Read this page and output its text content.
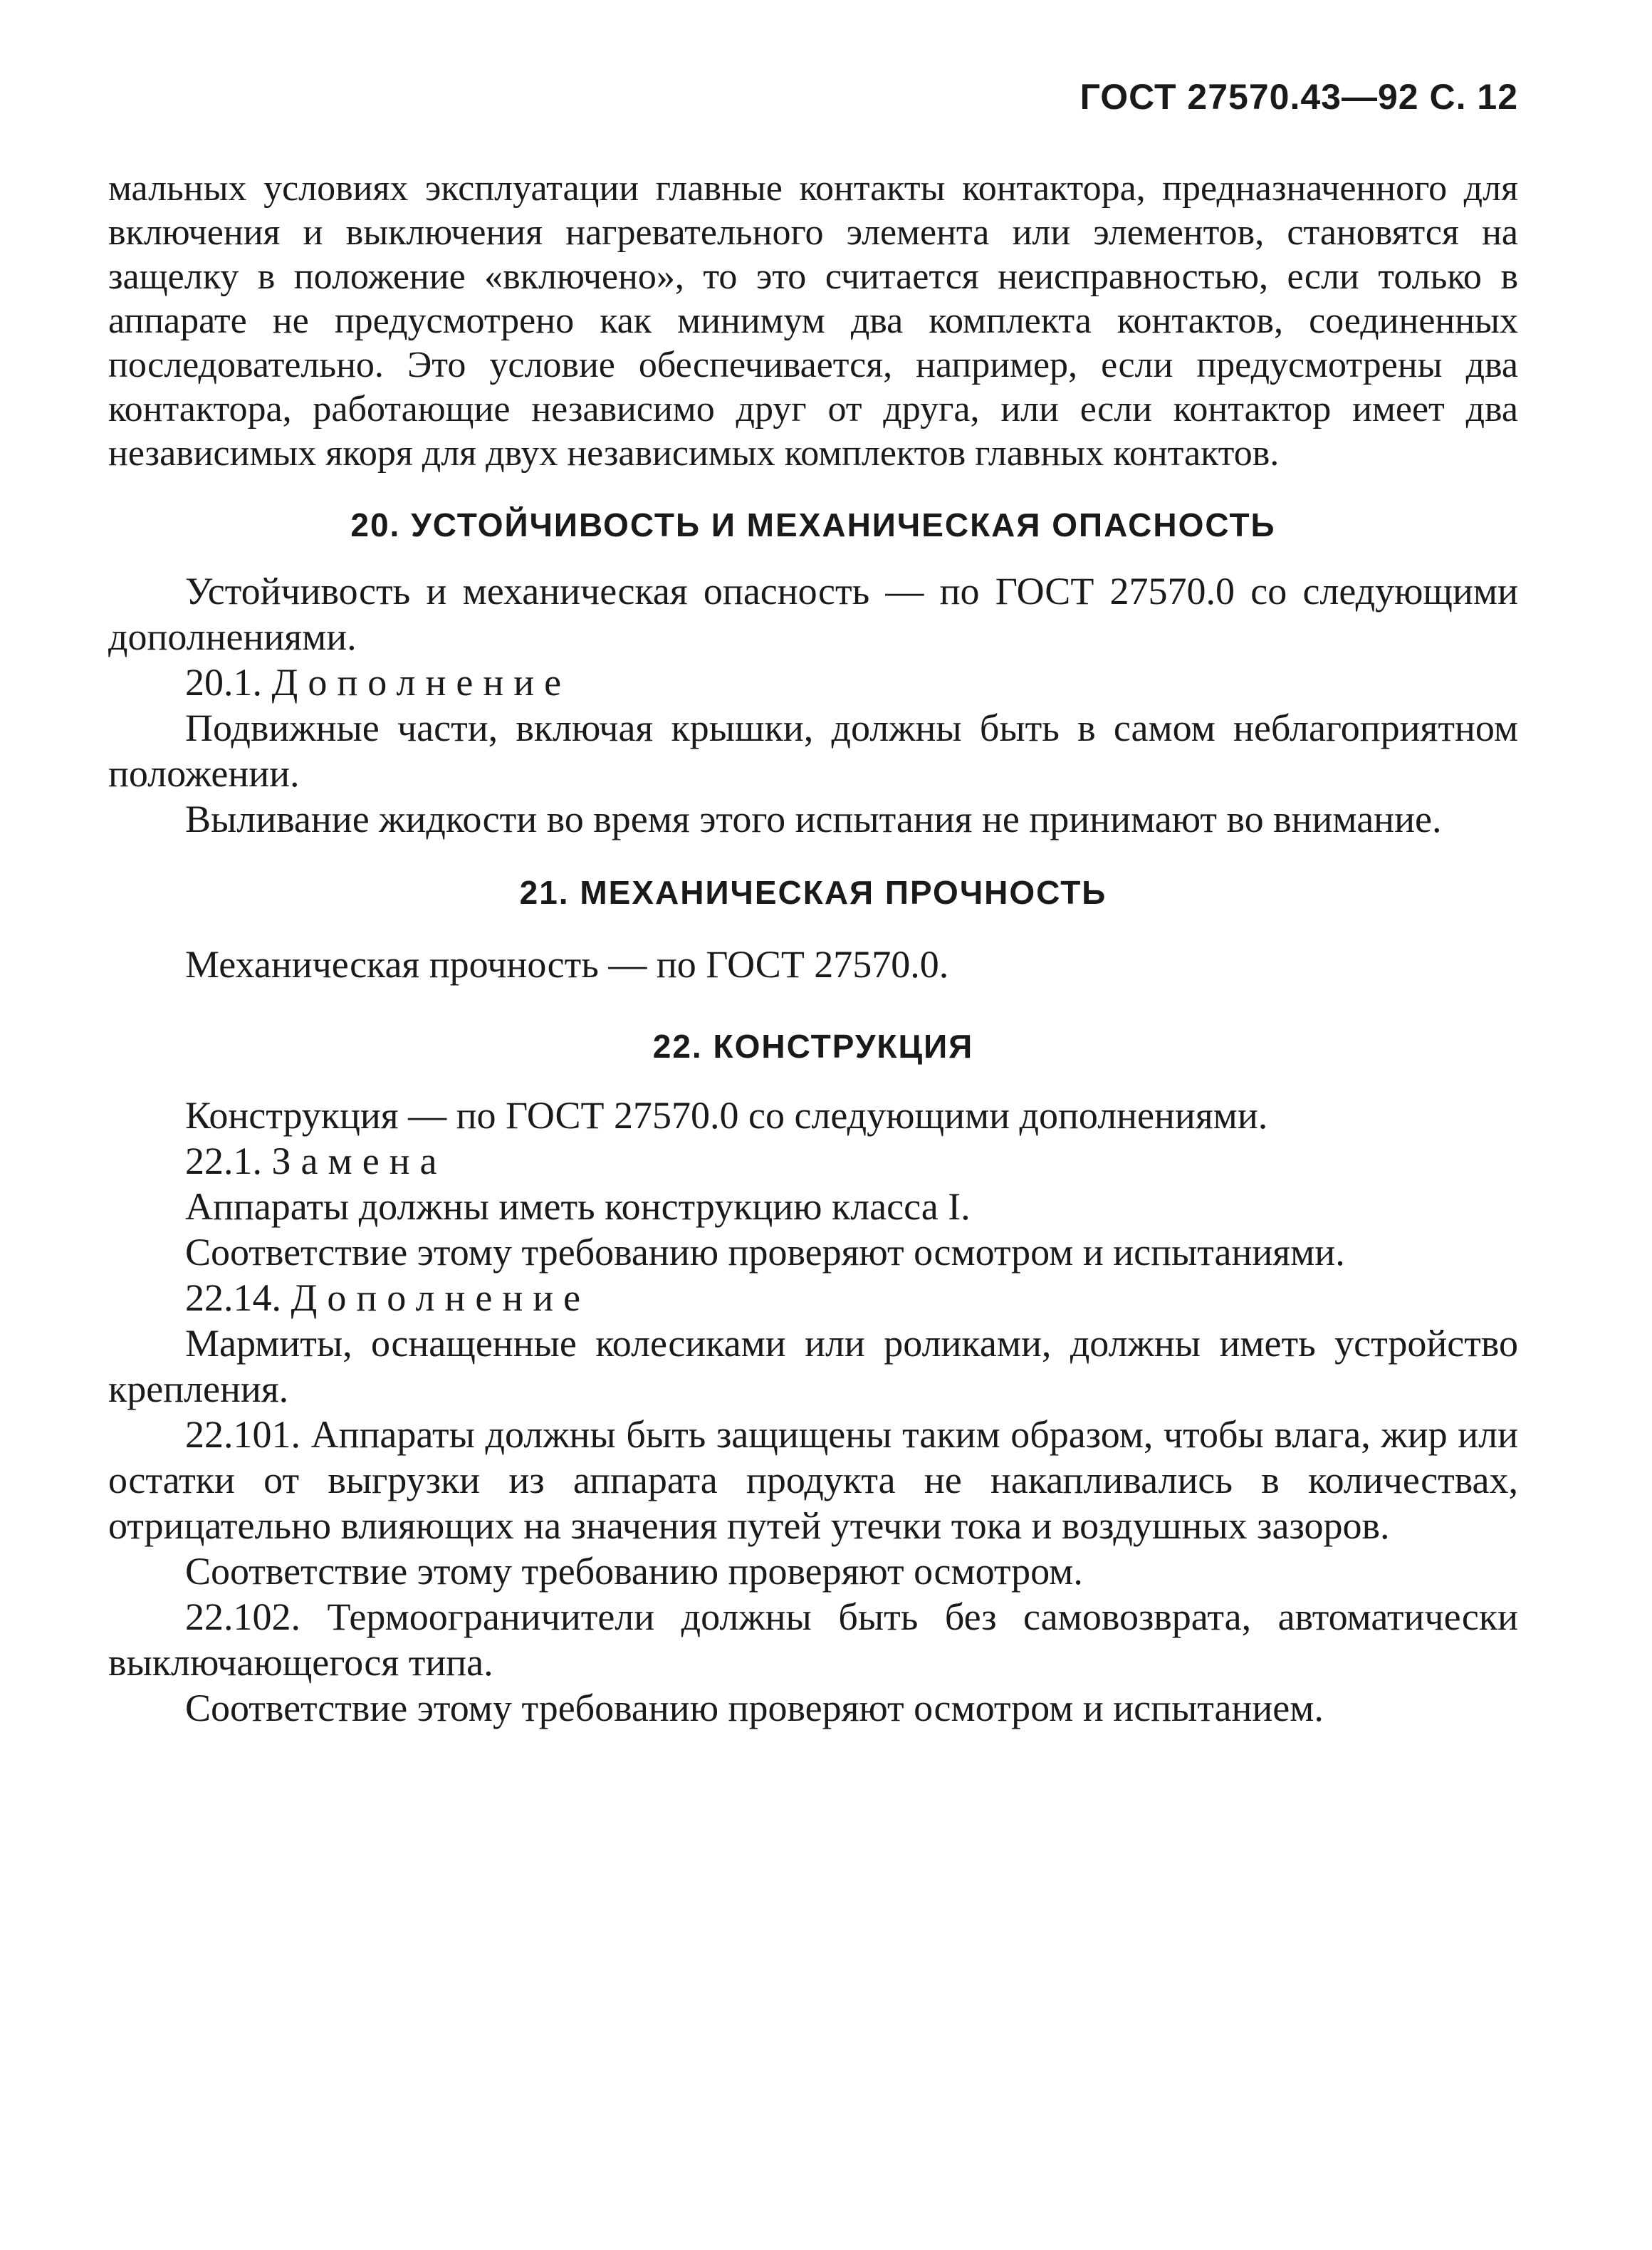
ГОСТ 27570.43—92 С. 12

мальных условиях эксплуатации главные контакты контактора, предназначенного для включения и выключения нагревательного элемента или элементов, становятся на защелку в положение «включено», то это считается неисправностью, если только в аппарате не предусмотрено как минимум два комплекта контактов, соединенных последовательно. Это условие обеспечивается, например, если предусмотрены два контактора, работающие независимо друг от друга, или если контактор имеет два независимых якоря для двух независимых комплектов главных контактов.

20. УСТОЙЧИВОСТЬ И МЕХАНИЧЕСКАЯ ОПАСНОСТЬ

Устойчивость и механическая опасность — по ГОСТ 27570.0 со следующими дополнениями.

20.1. Дополнение

Подвижные части, включая крышки, должны быть в самом неблагоприятном положении.

Выливание жидкости во время этого испытания не принимают во внимание.

21. МЕХАНИЧЕСКАЯ ПРОЧНОСТЬ

Механическая прочность — по ГОСТ 27570.0.

22. КОНСТРУКЦИЯ

Конструкция — по ГОСТ 27570.0 со следующими дополнениями.

22.1. Замена

Аппараты должны иметь конструкцию класса I.

Соответствие этому требованию проверяют осмотром и испытаниями.

22.14. Дополнение

Мармиты, оснащенные колесиками или роликами, должны иметь устройство крепления.

22.101. Аппараты должны быть защищены таким образом, чтобы влага, жир или остатки от выгрузки из аппарата продукта не накапливались в количествах, отрицательно влияющих на значения путей утечки тока и воздушных зазоров.

Соответствие этому требованию проверяют осмотром.

22.102. Термоограничители должны быть без самовозврата, автоматически выключающегося типа.

Соответствие этому требованию проверяют осмотром и испытанием.
